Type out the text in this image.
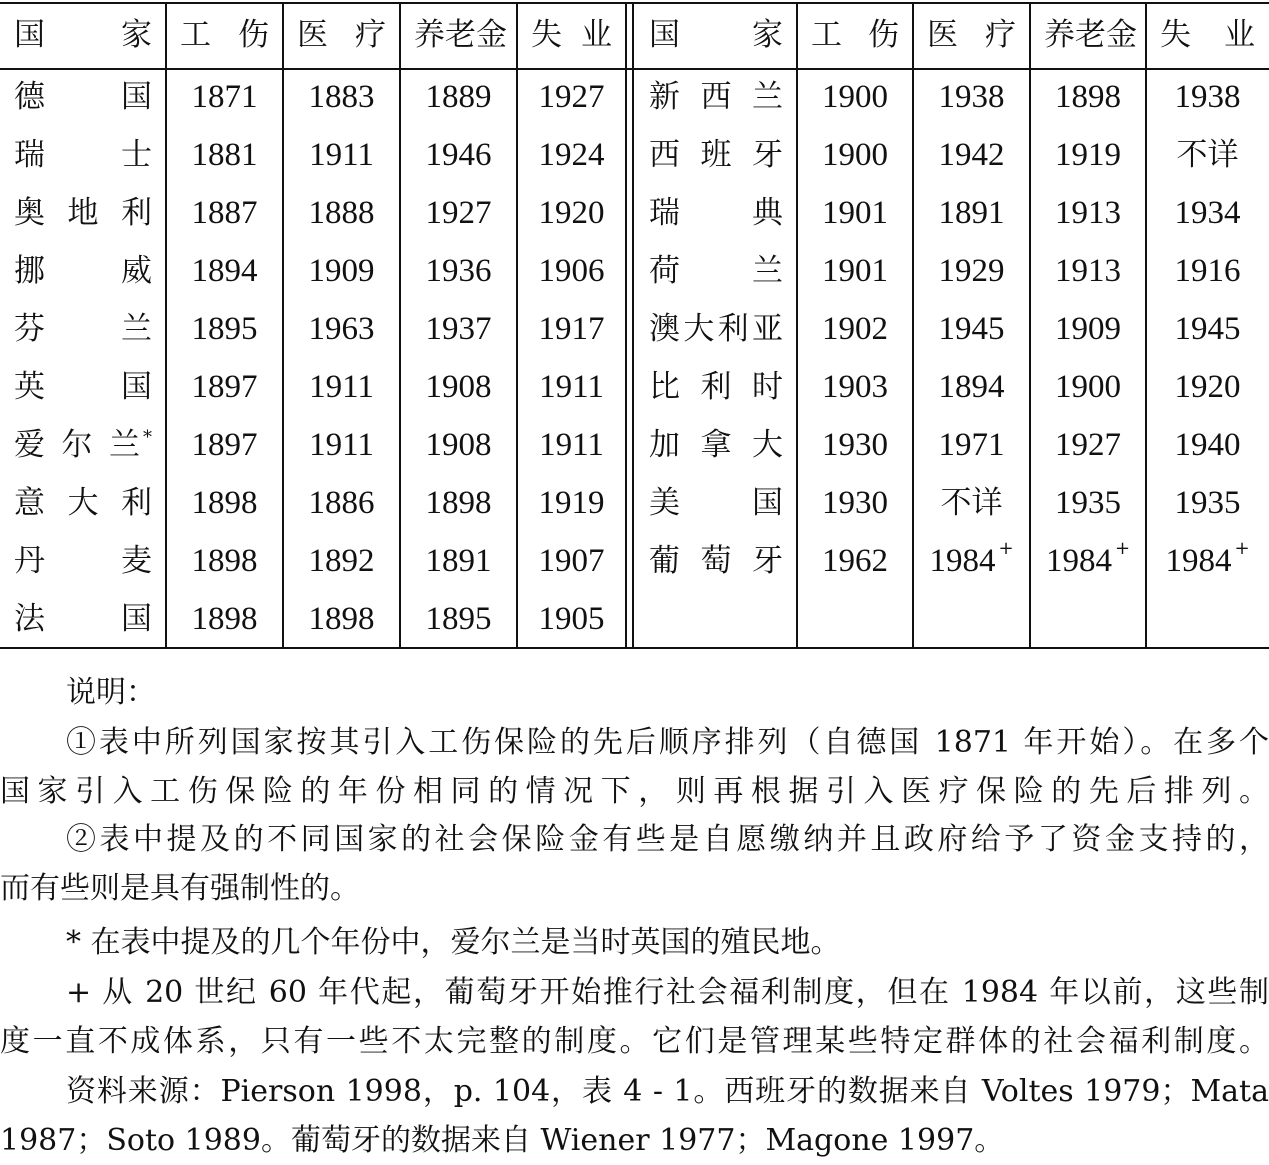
国 家 工 伤 医 疗 养 老 金 失 业 国 家 工 伤 医 疗 养 老 金 失 业
德 国 1871 1883 1889 1927
瑞 士 1881 1911 1946 1924
奥 地 利 1887 1888 1927 1920
挪 威 1894 1909 1936 1906
芬 兰 1895 1963 1937 1917
英 国 1897 1911 1908 1911
爱 尔 兰 * 1897 1911 1908 1911
意 大 利 1898 1886 1898 1919
丹 麦 1898 1892 1891 1907
法 国 1898 1898 1895 1905
新 西 兰 1900 1938 1898 1938
西 班 牙 1900 1942 1919 不详
瑞 典 1901 1891 1913 1934
荷 兰 1901 1929 1913 1916
澳 大 利 亚 1902 1945 1909 1945
比 利 时 1903 1894 1900 1920
加 拿 大 1930 1971 1927 1940
美 国 1930 不详 1935 1935
葡 萄 牙 1962 1984 + 1984 + 1984 +
说明：
①表中所列国家按其引入工伤保险的先后顺序排列（自德国 1871 年开始）。在多个
国家引入工伤保险的年份相同的情况下，则再根据引入医疗保险的先后排列。
②表中提及的不同国家的社会保险金有些是自愿缴纳并且政府给予了资金支持的，
而有些则是具有强制性的。
* 在表中提及的几个年份中，爱尔兰是当时英国的殖民地。
+ 从 20 世纪 60 年代起，葡萄牙开始推行社会福利制度，但在 1984 年以前，这些制
度一直不成体系，只有一些不太完整的制度。它们是管理某些特定群体的社会福利制度。
资料来源：Pierson 1998，p. 104，表 4 - 1。西班牙的数据来自 Voltes 1979；Mata
1987；Soto 1989。葡萄牙的数据来自 Wiener 1977；Magone 1997。
